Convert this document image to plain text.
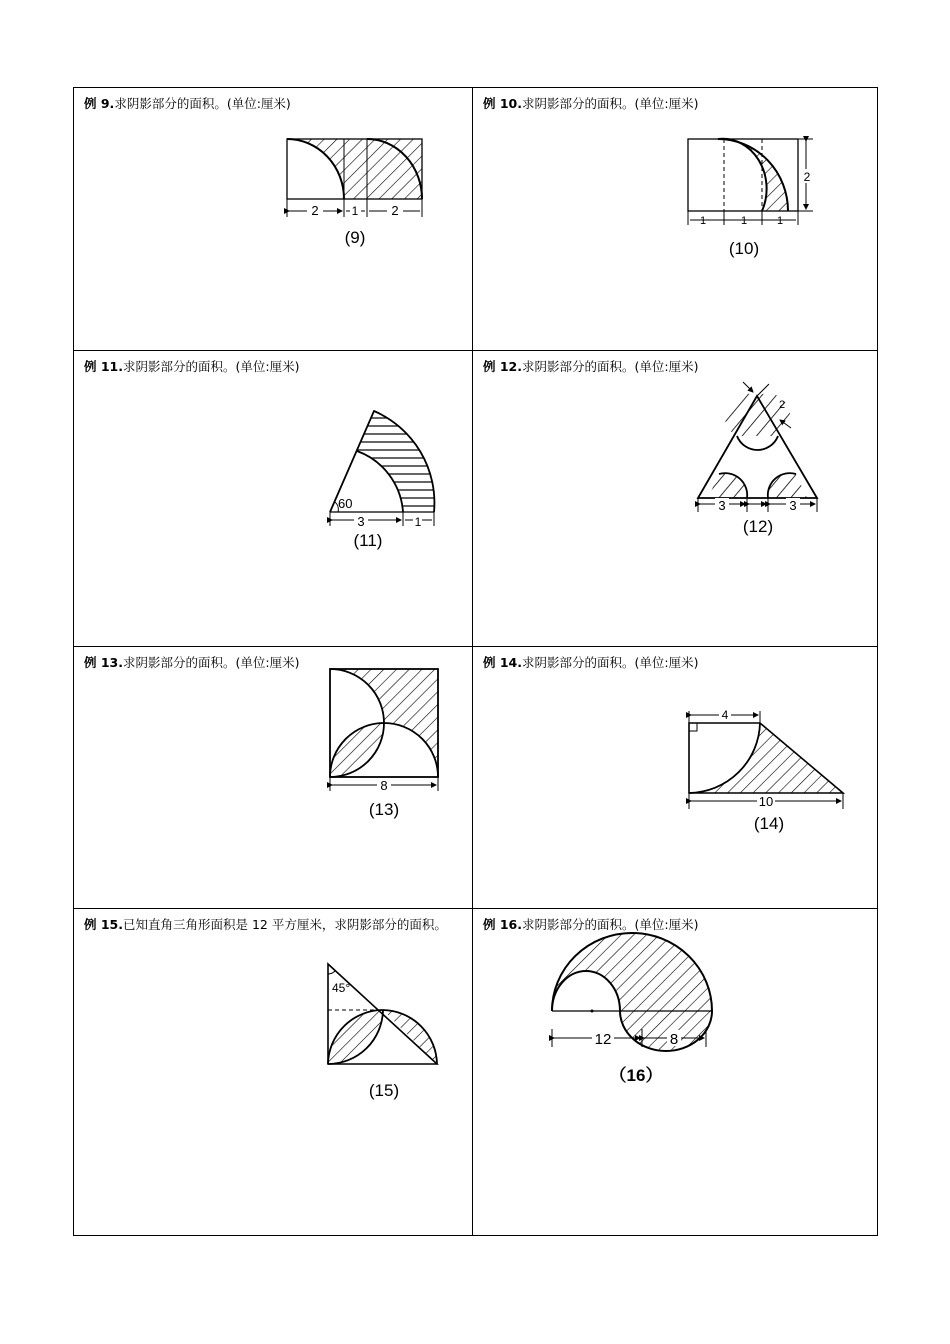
例 9.求阴影部分的面积。(单位:厘米)
2	1	2
(9)
例 10.求阴影部分的面积。(单位:厘米)
2
1	1	1
(10)
例 11.求阴影部分的面积。(单位:厘米)
60
3	1
(11)
例 12.求阴影部分的面积。(单位:厘米)
2
3	3
(12)
例 13.求阴影部分的面积。(单位:厘米)
8
(13)
例 14.求阴影部分的面积。(单位:厘米)
4
10
(14)
例 15.已知直角三角形面积是 12 平方厘米，求阴影部分的面积。
45°
(15)
例 16.求阴影部分的面积。(单位:厘米)
12	8
（16）
